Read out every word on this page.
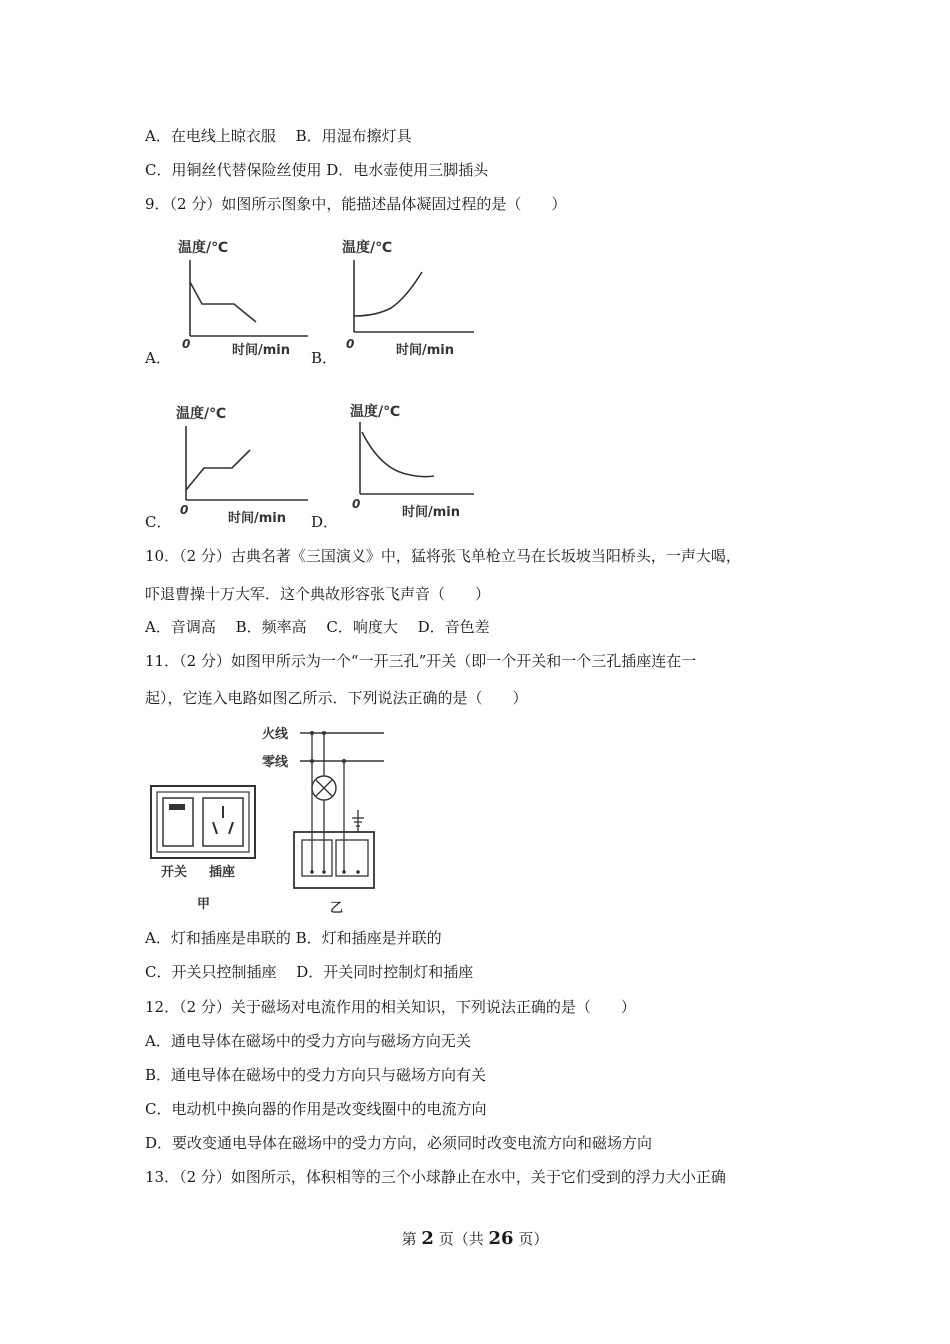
A．在电线上晾衣服　 B．用湿布擦灯具
C．用铜丝代替保险丝使用 D．电水壶使用三脚插头
9．（2 分）如图所示图象中，能描述晶体凝固过程的是（　　）
A．	B．
C．	D．
温度/℃
0	时间/min
温度/℃
0	时间/min
温度/℃
0
时间/min
温度/℃
0
时间/min
10．（2 分）古典名著《三国演义》中，猛将张飞单枪立马在长坂坡当阳桥头，一声大喝，
吓退曹操十万大军．这个典故形容张飞声音（　　）
A．音调高　 B．频率高　 C．响度大　 D．音色差
11．（2 分）如图甲所示为一个“一开三孔”开关（即一个开关和一个三孔插座连在一
起），它连入电路如图乙所示．下列说法正确的是（　　）
开关 插座
甲
火线
零线
乙
A．灯和插座是串联的 B．灯和插座是并联的
C．开关只控制插座　 D．开关同时控制灯和插座
12．（2 分）关于磁场对电流作用的相关知识，下列说法正确的是（　　）
A．通电导体在磁场中的受力方向与磁场方向无关
B．通电导体在磁场中的受力方向只与磁场方向有关
C．电动机中换向器的作用是改变线圈中的电流方向
D．要改变通电导体在磁场中的受力方向，必须同时改变电流方向和磁场方向
13．（2 分）如图所示，体积相等的三个小球静止在水中，关于它们受到的浮力大小正确
第 2 页（共 26 页）
